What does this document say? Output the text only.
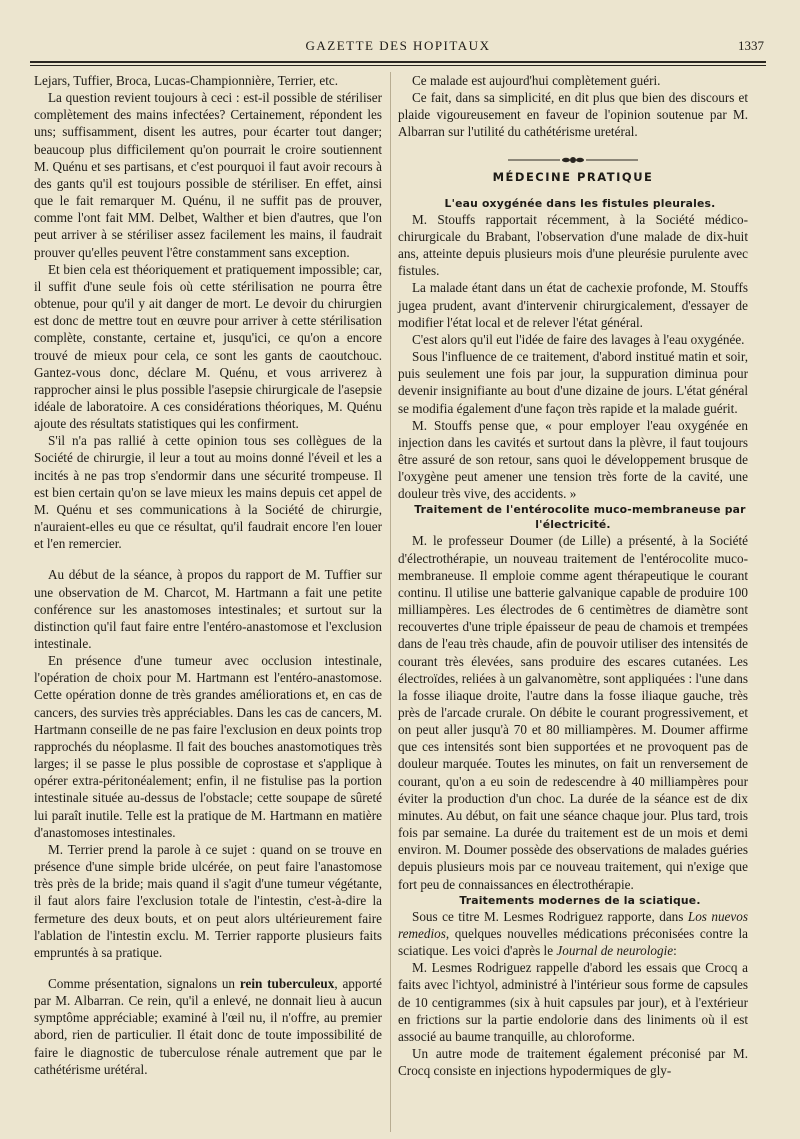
GAZETTE DES HOPITAUX	1337

Lejars, Tuffier, Broca, Lucas-Championnière, Terrier, etc.

La question revient toujours à ceci : est-il possible de stériliser complètement des mains infectées? Certainement, répondent les uns; suffisamment, disent les autres, pour écarter tout danger; beaucoup plus difficilement qu'on pourrait le croire soutiennent M. Quénu et ses partisans, et c'est pourquoi il faut avoir recours à des gants qu'il est toujours possible de stériliser. En effet, ainsi que le fait remarquer M. Quénu, il ne suffit pas de prouver, comme l'ont fait MM. Delbet, Walther et bien d'autres, que l'on peut arriver à se stériliser assez facilement les mains, il faudrait prouver qu'elles peuvent l'être constamment sans exception.

Et bien cela est théoriquement et pratiquement impossible; car, il suffit d'une seule fois où cette stérilisation ne pourra être obtenue, pour qu'il y ait danger de mort. Le devoir du chirurgien est donc de mettre tout en œuvre pour arriver à cette stérilisation complète, constante, certaine et, jusqu'ici, ce qu'on a encore trouvé de mieux pour cela, ce sont les gants de caoutchouc. Gantez-vous donc, déclare M. Quénu, et vous arriverez à rapprocher ainsi le plus possible l'asepsie chirurgicale de l'asepsie idéale de laboratoire. A ces considérations théoriques, M. Quénu ajoute des résultats statistiques qui les confirment.

S'il n'a pas rallié à cette opinion tous ses collègues de la Société de chirurgie, il leur a tout au moins donné l'éveil et les a incités à ne pas trop s'endormir dans une sécurité trompeuse. Il est bien certain qu'on se lave mieux les mains depuis cet appel de M. Quénu et ses communications à la Société de chirurgie, n'auraient-elles eu que ce résultat, qu'il faudrait encore l'en louer et l'en remercier.

Au début de la séance, à propos du rapport de M. Tuffier sur une observation de M. Charcot, M. Hartmann a fait une petite conférence sur les anastomoses intestinales; et surtout sur la distinction qu'il faut faire entre l'entéro-anastomose et l'exclusion intestinale.

En présence d'une tumeur avec occlusion intestinale, l'opération de choix pour M. Hartmann est l'entéro-anastomose. Cette opération donne de très grandes améliorations et, en cas de cancers, des survies très appréciables. Dans les cas de cancers, M. Hartmann conseille de ne pas faire l'exclusion en deux points trop rapprochés du néoplasme. Il fait des bouches anastomotiques très larges; il se passe le plus possible de coprostase et s'applique à opérer extra-péritonéalement; enfin, il ne fistulise pas la portion intestinale située au-dessus de l'obstacle; cette soupape de sûreté lui paraît inutile. Telle est la pratique de M. Hartmann en matière d'anastomoses intestinales.

M. Terrier prend la parole à ce sujet : quand on se trouve en présence d'une simple bride ulcérée, on peut faire l'anastomose très près de la bride; mais quand il s'agit d'une tumeur végétante, il faut alors faire l'exclusion totale de l'intestin, c'est-à-dire la fermeture des deux bouts, et on peut alors ultérieurement faire l'ablation de l'intestin exclu. M. Terrier rapporte plusieurs faits empruntés à sa pratique.

Comme présentation, signalons un rein tuberculeux, apporté par M. Albarran. Ce rein, qu'il a enlevé, ne donnait lieu à aucun symptôme appréciable; examiné à l'œil nu, il n'offre, au premier abord, rien de particulier. Il était donc de toute impossibilité de faire le diagnostic de tuberculose rénale autrement que par le cathétérisme urétéral.

Ce malade est aujourd'hui complètement guéri.

Ce fait, dans sa simplicité, en dit plus que bien des discours et plaide vigoureusement en faveur de l'opinion soutenue par M. Albarran sur l'utilité du cathétérisme uretéral.

MÉDECINE PRATIQUE

L'eau oxygénée dans les fistules pleurales.

M. Stouffs rapportait récemment, à la Société médico-chirurgicale du Brabant, l'observation d'une malade de dix-huit ans, atteinte depuis plusieurs mois d'une pleurésie purulente avec fistules.

La malade étant dans un état de cachexie profonde, M. Stouffs jugea prudent, avant d'intervenir chirurgicalement, d'essayer de modifier l'état local et de relever l'état général.

C'est alors qu'il eut l'idée de faire des lavages à l'eau oxygénée.

Sous l'influence de ce traitement, d'abord institué matin et soir, puis seulement une fois par jour, la suppuration diminua pour devenir insignifiante au bout d'une dizaine de jours. L'état général se modifia également d'une façon très rapide et la malade guérit.

M. Stouffs pense que, « pour employer l'eau oxygénée en injection dans les cavités et surtout dans la plèvre, il faut toujours être assuré de son retour, sans quoi le développement brusque de l'oxygène peut amener une tension très forte de la cavité, une douleur très vive, des accidents. »

Traitement de l'entérocolite muco-membraneuse par l'électricité.

M. le professeur Doumer (de Lille) a présenté, à la Société d'électrothérapie, un nouveau traitement de l'entérocolite muco-membraneuse. Il emploie comme agent thérapeutique le courant continu. Il utilise une batterie galvanique capable de produire 100 milliampères. Les électrodes de 6 centimètres de diamètre sont recouvertes d'une triple épaisseur de peau de chamois et trempées dans de l'eau très chaude, afin de pouvoir utiliser des intensités de courant très élevées, sans produire des escares cutanées. Les électroïdes, reliées à un galvanomètre, sont appliquées : l'une dans la fosse iliaque droite, l'autre dans la fosse iliaque gauche, très près de l'arcade crurale. On débite le courant progressivement, et on peut aller jusqu'à 70 et 80 milliampères. M. Doumer affirme que ces intensités sont bien supportées et ne provoquent pas de douleur marquée. Toutes les minutes, on fait un renversement de courant, qu'on a eu soin de redescendre à 40 milliampères pour éviter la production d'un choc. La durée de la séance est de dix minutes. Au début, on fait une séance chaque jour. Plus tard, trois fois par semaine. La durée du traitement est de un mois et demi environ. M. Doumer possède des observations de malades guéries depuis plusieurs mois par ce nouveau traitement, qui n'exige que fort peu de connaissances en électrothérapie.

Traitements modernes de la sciatique.

Sous ce titre M. Lesmes Rodriguez rapporte, dans Los nuevos remedios, quelques nouvelles médications préconisées contre la sciatique. Les voici d'après le Journal de neurologie:

M. Lesmes Rodriguez rappelle d'abord les essais que Crocq a faits avec l'ichtyol, administré à l'intérieur sous forme de capsules de 10 centigrammes (six à huit capsules par jour), et à l'extérieur en frictions sur la partie endolorie dans des liniments où il est associé au baume tranquille, au chloroforme.

Un autre mode de traitement également préconisé par M. Crocq consiste en injections hypodermiques de gly-
